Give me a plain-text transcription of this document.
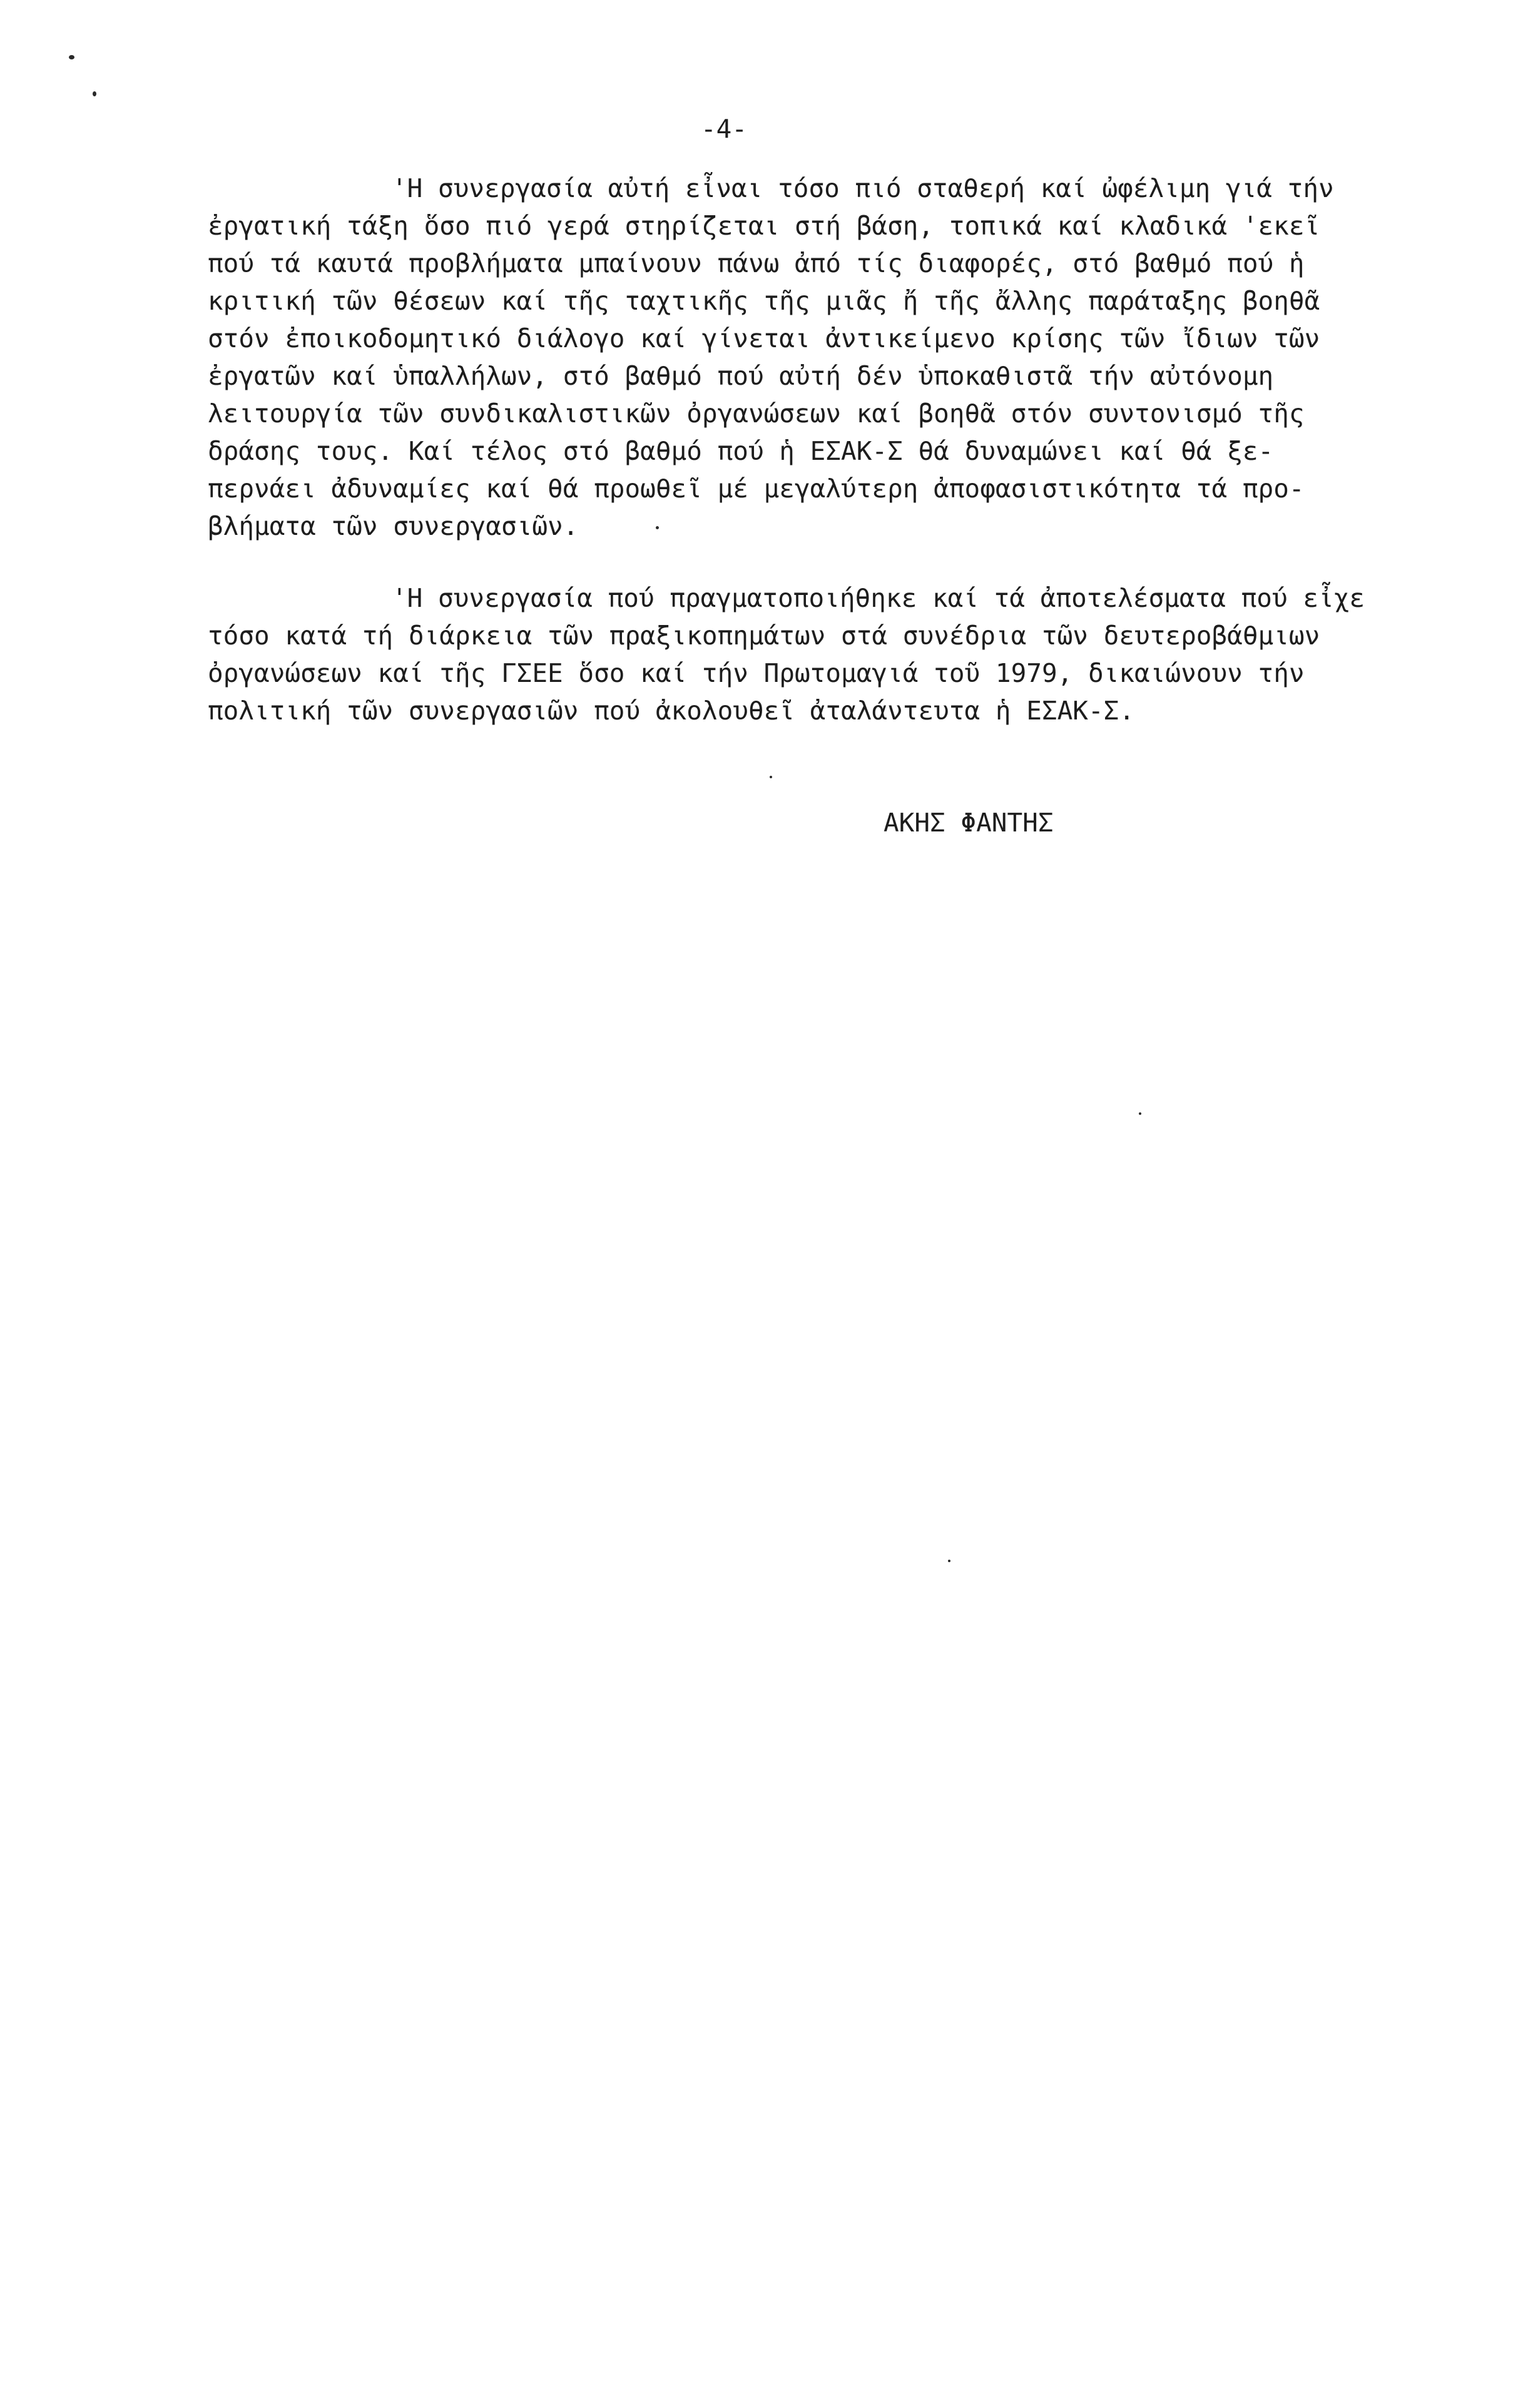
-4-
'Η συνεργασία αὐτή εἶναι τόσο πιό σταθερή καί ὠφέλιμη γιά τήν
ἐργατική τάξη ὅσο πιό γερά στηρίζεται στή βάση, τοπικά καί κλαδικά 'εκεῖ
πού τά καυτά προβλήματα μπαίνουν πάνω ἀπό τίς διαφορές, στό βαθμό πού ἡ
κριτική τῶν θέσεων καί τῆς ταχτικῆς τῆς μιᾶς ἤ τῆς ἄλλης παράταξης βοηθᾶ
στόν ἐποικοδομητικό διάλογο καί γίνεται ἀντικείμενο κρίσης τῶν ἴδιων τῶν
ἐργατῶν καί ὑπαλλήλων, στό βαθμό πού αὐτή δέν ὑποκαθιστᾶ τήν αὐτόνομη
λειτουργία τῶν συνδικαλιστικῶν ὀργανώσεων καί βοηθᾶ στόν συντονισμό τῆς
δράσης τους. Καί τέλος στό βαθμό πού ἡ ΕΣΑΚ-Σ θά δυναμώνει καί θά ξε-
περνάει ἀδυναμίες καί θά προωθεῖ μέ μεγαλύτερη ἀποφασιστικότητα τά προ-
βλήματα τῶν συνεργασιῶν.
'Η συνεργασία πού πραγματοποιήθηκε καί τά ἀποτελέσματα πού εἶχε
τόσο κατά τή διάρκεια τῶν πραξικοπημάτων στά συνέδρια τῶν δευτεροβάθμιων
ὀργανώσεων καί τῆς ΓΣΕΕ ὅσο καί τήν Πρωτομαγιά τοῦ 1979, δικαιώνουν τήν
πολιτική τῶν συνεργασιῶν πού ἀκολουθεῖ ἀταλάντευτα ἡ ΕΣΑΚ-Σ.
ΑΚΗΣ ΦΑΝΤΗΣ
